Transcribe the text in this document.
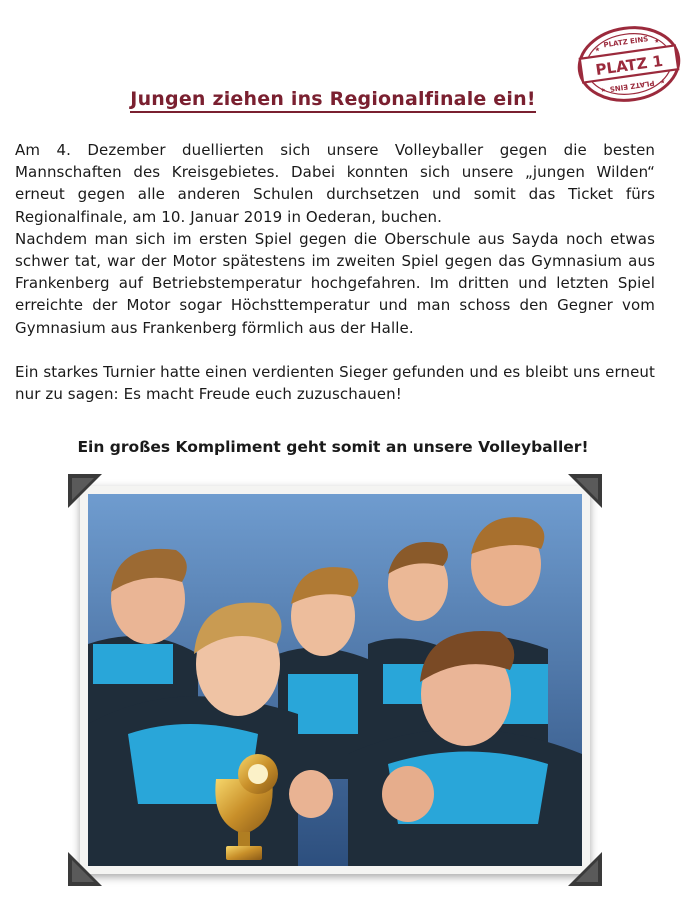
PLATZ 1
PLATZ EINS
PLATZ EINS
★
★
★
★
Jungen ziehen ins Regionalfinale ein!

Am 4. Dezember duellierten sich unsere Volleyballer gegen die besten Mannschaften des Kreisgebietes. Dabei konnten sich unsere „jungen Wilden“ erneut gegen alle anderen Schulen durchsetzen und somit das Ticket fürs Regionalfinale, am 10. Januar 2019 in Oederan, buchen.

Nachdem man sich im ersten Spiel gegen die Oberschule aus Sayda noch etwas schwer tat, war der Motor spätestens im zweiten Spiel gegen das Gymnasium aus Frankenberg auf Betriebstemperatur hochgefahren. Im dritten und letzten Spiel erreichte der Motor sogar Höchsttemperatur und man schoss den Gegner vom Gymnasium aus Frankenberg förmlich aus der Halle.

Ein starkes Turnier hatte einen verdienten Sieger gefunden und es bleibt uns erneut nur zu sagen: Es macht Freude euch zuzuschauen!

Ein großes Kompliment geht somit an unsere Volleyballer!
